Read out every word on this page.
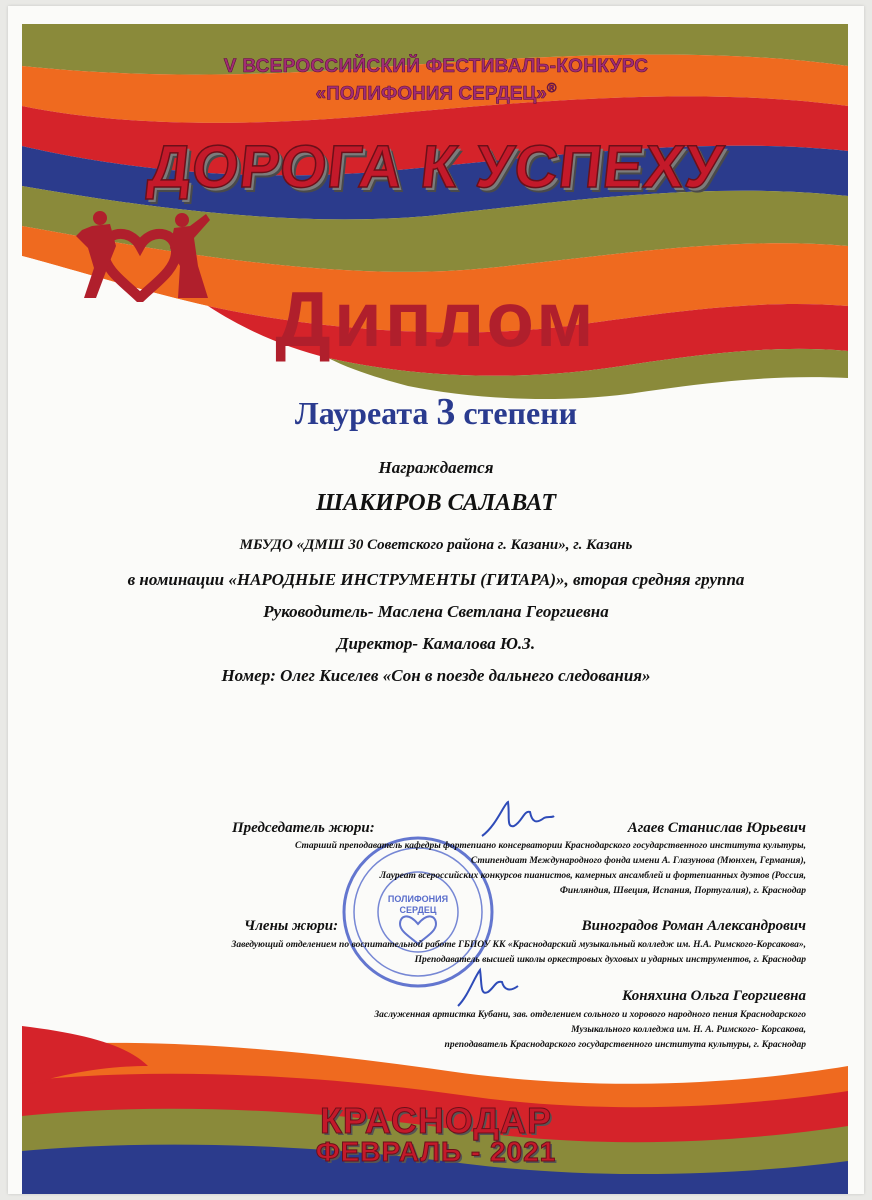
V ВСЕРОССИЙСКИЙ ФЕСТИВАЛЬ-КОНКУРС
«ПОЛИФОНИЯ СЕРДЕЦ»®
ДОРОГА К УСПЕХУ
Диплом
Лауреата 3 степени
Награждается
ШАКИРОВ САЛАВАТ
МБУДО «ДМШ 30 Советского района г. Казани», г. Казань
в номинации «НАРОДНЫЕ ИНСТРУМЕНТЫ (ГИТАРА)», вторая средняя группа
Руководитель- Маслена Светлана Георгиевна
Директор- Камалова Ю.З.
Номер: Олег Киселев «Сон в поезде дальнего следования»
ПОЛИФОНИЯ
СЕРДЕЦ
Председатель жюри:	Агаев Станислав Юрьевич
Старший преподаватель кафедры фортепиано консерватории Краснодарского государственного института культуры,
Стипендиат Международного фонда имени А. Глазунова (Мюнхен, Германия),
Лауреат всероссийских конкурсов пианистов, камерных ансамблей и фортепианных дуэтов (Россия,
Финляндия, Швеция, Испания, Португалия), г. Краснодар
Члены жюри:	Виноградов Роман Александрович
Заведующий отделением по воспитательной работе ГБПОУ КК «Краснодарский музыкальный колледж им. Н.А. Римского-Корсакова»,
Преподаватель высшей школы оркестровых духовых и ударных инструментов, г. Краснодар
Коняхина Ольга Георгиевна
Заслуженная артистка Кубани, зав. отделением сольного и хорового народного пения Краснодарского
Музыкального колледжа им. Н. А. Римского- Корсакова,
преподаватель Краснодарского государственного института культуры, г. Краснодар
КРАСНОДАР
ФЕВРАЛЬ - 2021
